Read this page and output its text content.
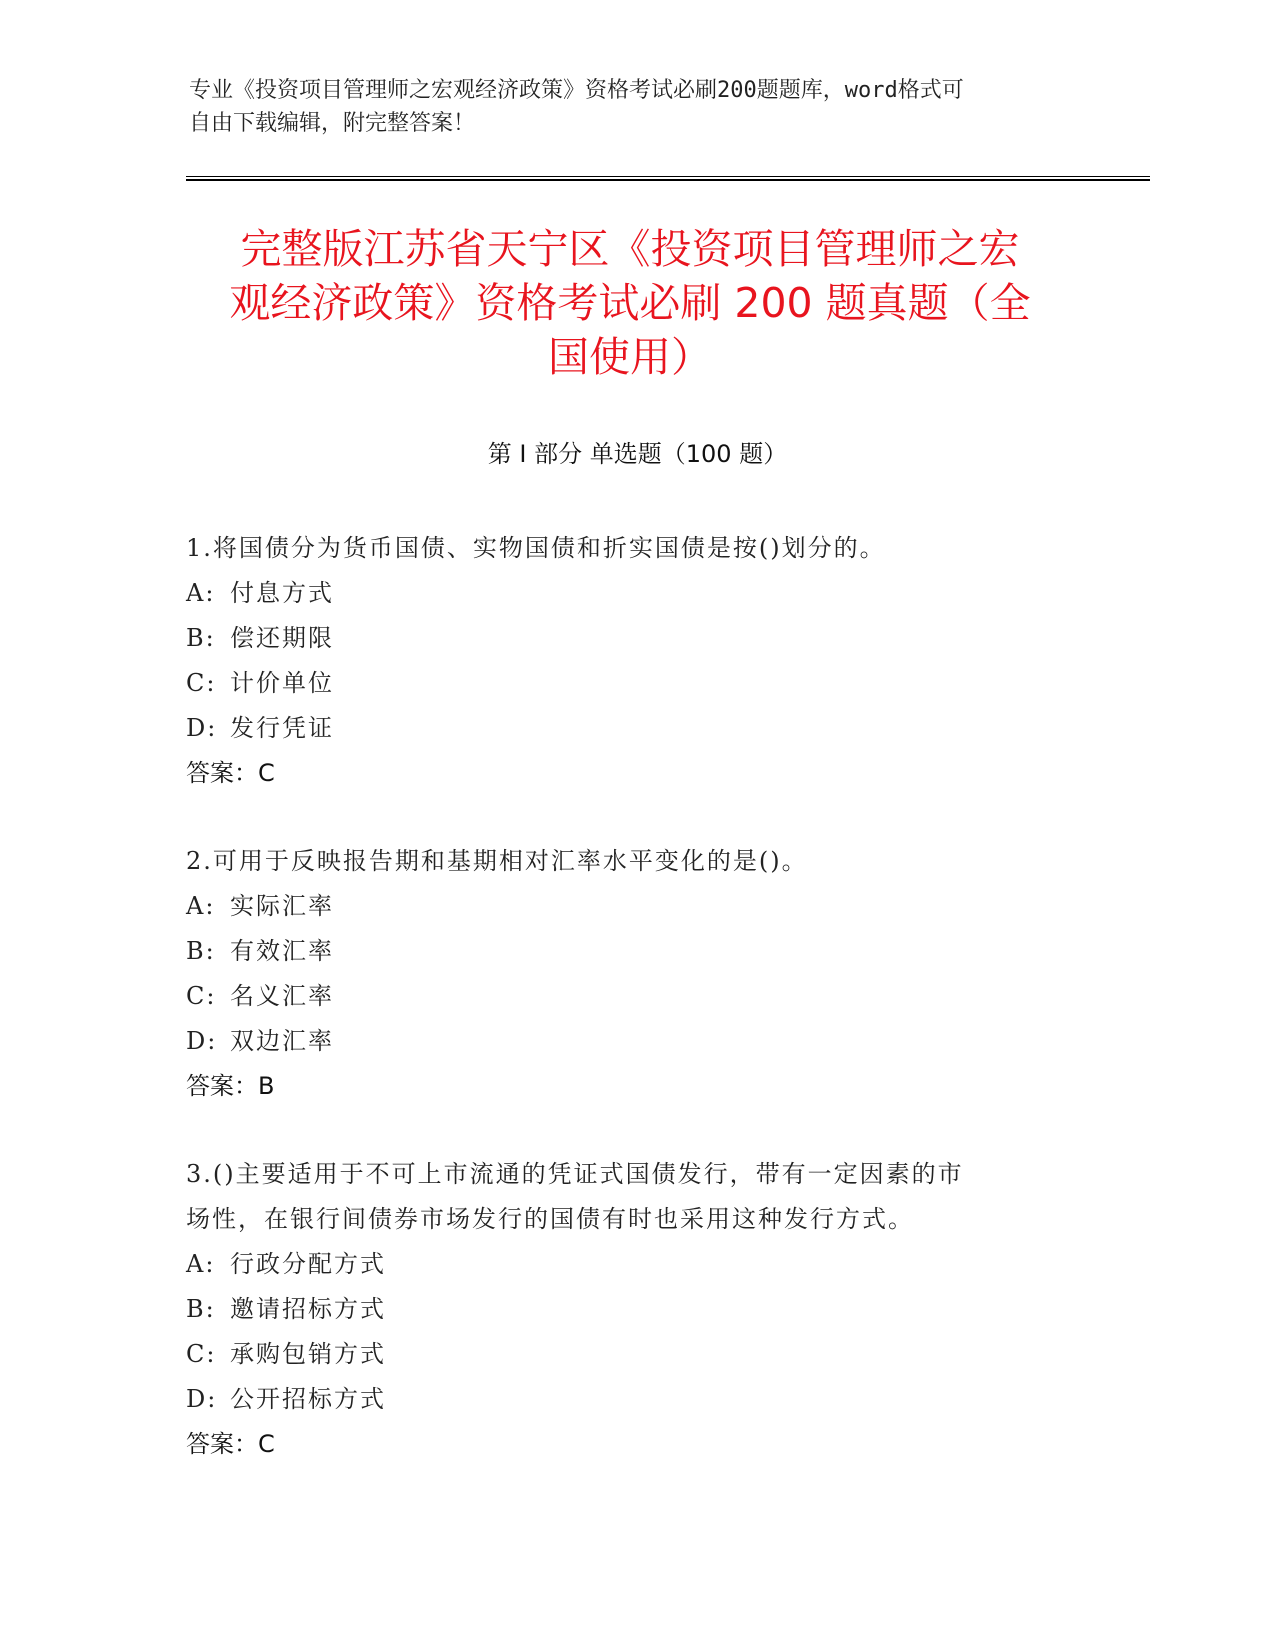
专业《投资项目管理师之宏观经济政策》资格考试必刷200题题库，word格式可
自由下载编辑，附完整答案！
完整版江苏省天宁区《投资项目管理师之宏
观经济政策》资格考试必刷 200 题真题（全
国使用）
第 I 部分 单选题（100 题）

1.将国债分为货币国债、实物国债和折实国债是按()划分的。

A: 付息方式
B: 偿还期限
C: 计价单位
D: 发行凭证
答案：C

2.可用于反映报告期和基期相对汇率水平变化的是()。

A: 实际汇率
B: 有效汇率
C: 名义汇率
D: 双边汇率
答案：B

3.()主要适用于不可上市流通的凭证式国债发行，带有一定因素的市
场性，在银行间债券市场发行的国债有时也采用这种发行方式。

A: 行政分配方式
B: 邀请招标方式
C: 承购包销方式
D: 公开招标方式
答案：C
